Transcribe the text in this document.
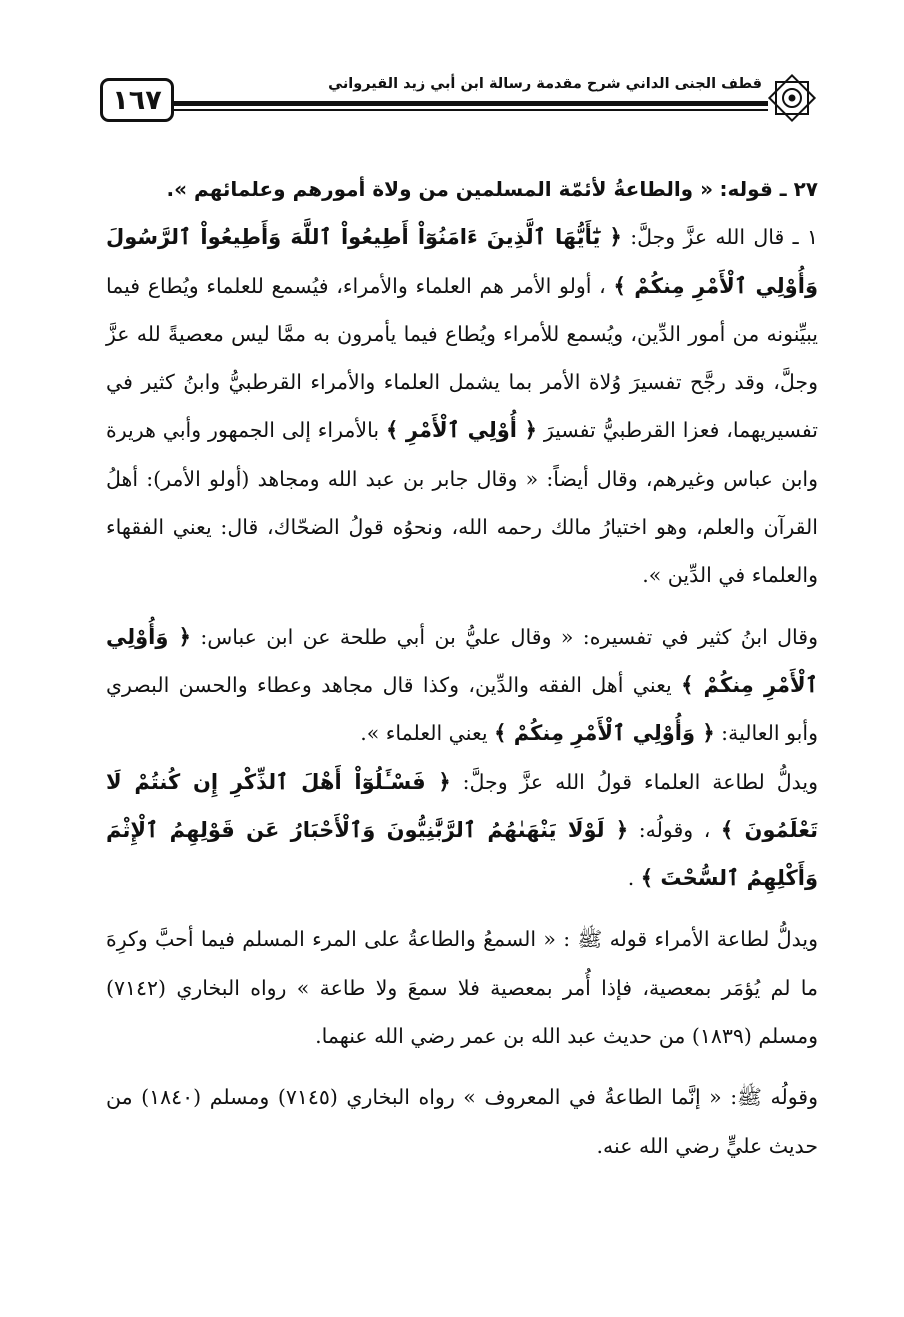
١٦٧
قطف الجنى الداني شرح مقدمة رسالة ابن أبي زيد القيرواني

٢٧ ـ قوله: « والطاعةُ لأئمّة المسلمين من ولاة أمورهم وعلمائهم ».

١ ـ قال الله عزَّ وجلَّ: ﴿ يَٰٓأَيُّهَا ٱلَّذِينَ ءَامَنُوٓاْ أَطِيعُواْ ٱللَّهَ وَأَطِيعُواْ ٱلرَّسُولَ وَأُوْلِي ٱلْأَمْرِ مِنكُمْ ﴾ ، أولو الأمر هم العلماء والأمراء، فيُسمع للعلماء ويُطاع فيما يبيِّنونه من أمور الدِّين، ويُسمع للأمراء ويُطاع فيما يأمرون به ممَّا ليس معصيةً لله عزَّ وجلَّ، وقد رجَّح تفسيرَ وُلاة الأمر بما يشمل العلماء والأمراء القرطبيُّ وابنُ كثير في تفسيريهما، فعزا القرطبيُّ تفسيرَ ﴿ أُوْلِي ٱلْأَمْرِ ﴾ بالأمراء إلى الجمهور وأبي هريرة وابن عباس وغيرهم، وقال أيضاً: « وقال جابر بن عبد الله ومجاهد (أولو الأمر): أهلُ القرآن والعلم، وهو اختيارُ مالك رحمه الله، ونحوُه قولُ الضحّاك، قال: يعني الفقهاء والعلماء في الدِّين ».

وقال ابنُ كثير في تفسيره: « وقال عليُّ بن أبي طلحة عن ابن عباس: ﴿ وَأُوْلِي ٱلْأَمْرِ مِنكُمْ ﴾ يعني أهل الفقه والدِّين، وكذا قال مجاهد وعطاء والحسن البصري وأبو العالية: ﴿ وَأُوْلِي ٱلْأَمْرِ مِنكُمْ ﴾ يعني العلماء ».

ويدلُّ لطاعة العلماء قولُ الله عزَّ وجلَّ: ﴿ فَسْـَٔلُوٓاْ أَهْلَ ٱلذِّكْرِ إِن كُنتُمْ لَا تَعْلَمُونَ ﴾ ، وقولُه: ﴿ لَوْلَا يَنْهَىٰهُمُ ٱلرَّبَّٰنِيُّونَ وَٱلْأَحْبَارُ عَن قَوْلِهِمُ ٱلْإِثْمَ وَأَكْلِهِمُ ٱلسُّحْتَ ﴾ .

ويدلُّ لطاعة الأمراء قوله ﷺ : « السمعُ والطاعةُ على المرء المسلم فيما أحبَّ وكرِهَ ما لم يُؤمَر بمعصية، فإذا أُمر بمعصية فلا سمعَ ولا طاعة » رواه البخاري (٧١٤٢) ومسلم (١٨٣٩) من حديث عبد الله بن عمر رضي الله عنهما.

وقولُه ﷺ: « إنَّما الطاعةُ في المعروف » رواه البخاري (٧١٤٥) ومسلم (١٨٤٠) من حديث عليٍّ رضي الله عنه.
